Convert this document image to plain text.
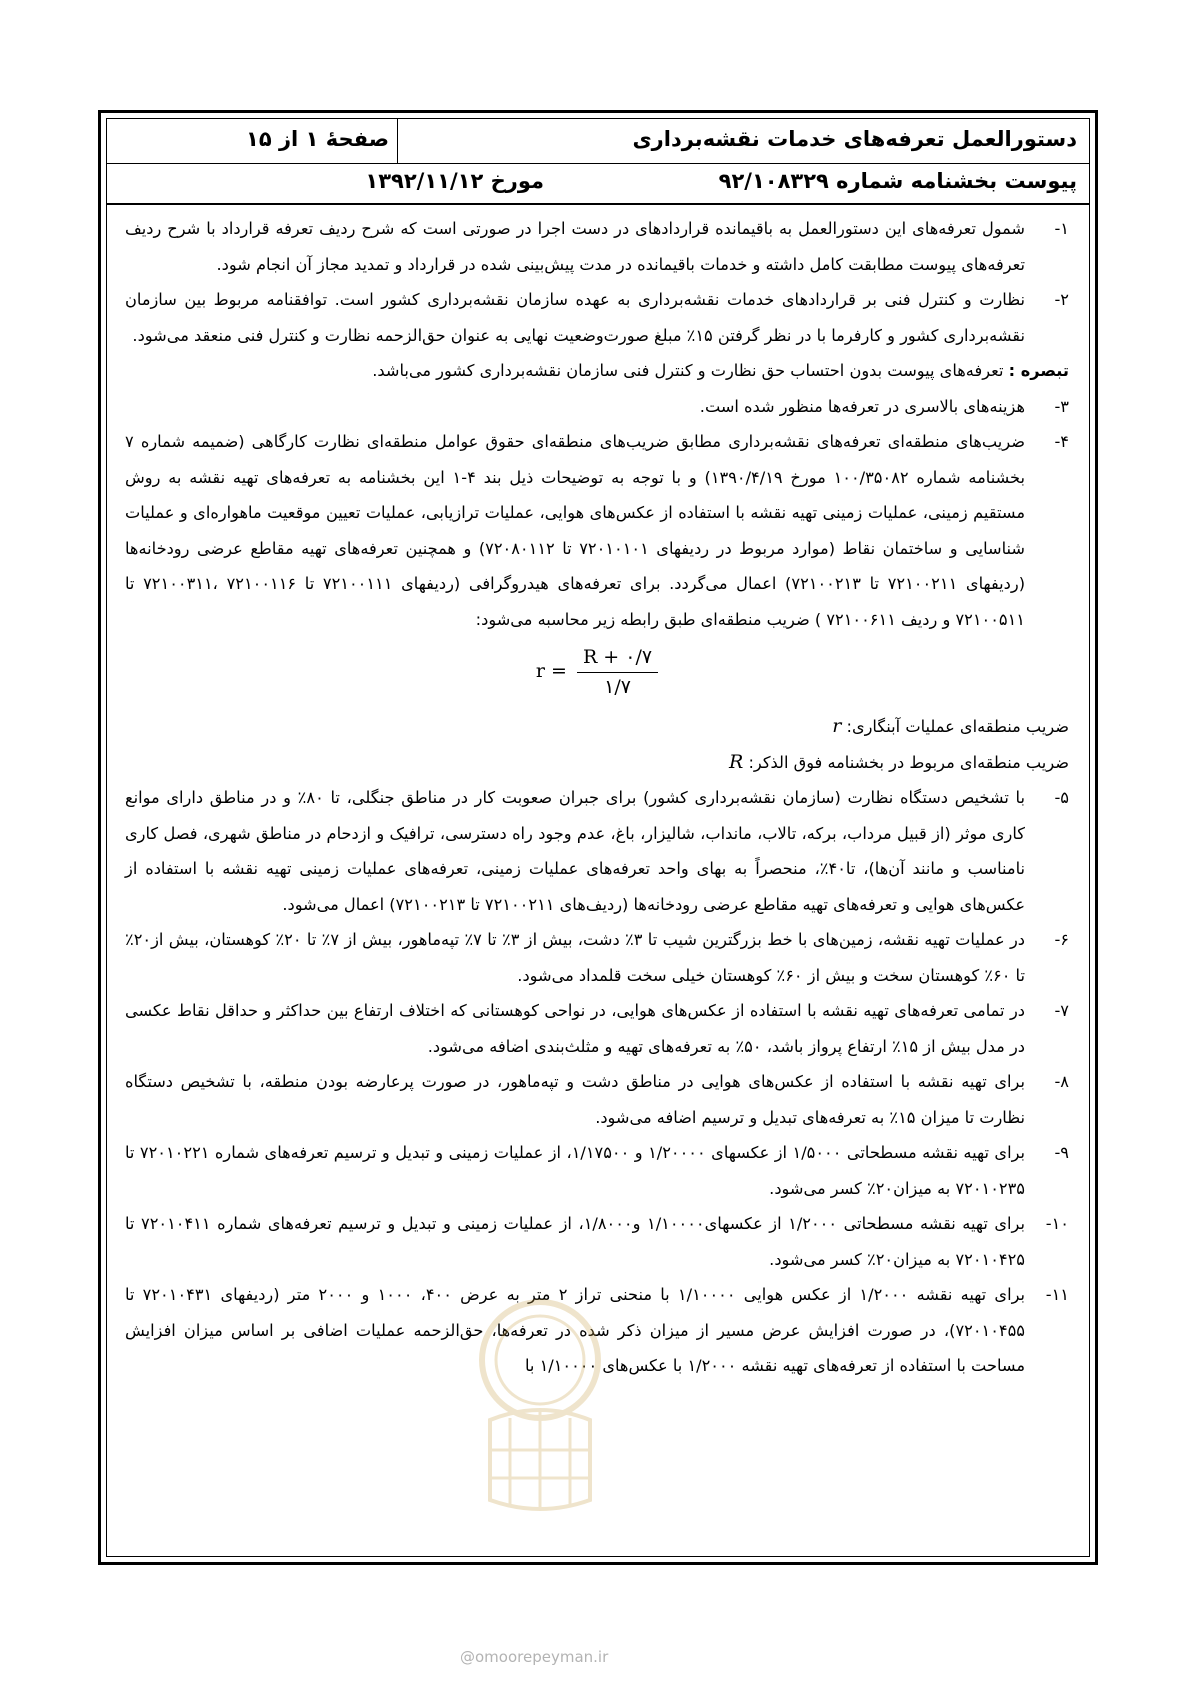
دستورالعمل تعرفه‌های خدمات نقشه‌برداری
صفحهٔ ۱ از ۱۵
پیوست بخشنامه شماره ۹۲/۱۰۸۳۲۹
مورخ ۱۳۹۲/۱۱/۱۲

۱-
شمول تعرفه‌های این دستورالعمل به باقیمانده قراردادهای در دست اجرا در صورتی است که شرح ردیف تعرفه قرارداد با شرح ردیف تعرفه‌های پیوست مطابقت کامل داشته و خدمات باقیمانده در مدت پیش‌بینی شده در قرارداد و تمدید مجاز آن انجام شود.

۲-
نظارت و کنترل فنی بر قراردادهای خدمات نقشه‌برداری به عهده سازمان نقشه‌برداری کشور است. توافقنامه مربوط بین سازمان نقشه‌برداری کشور و کارفرما با در نظر گرفتن ۱۵٪ مبلغ صورت‌وضعیت نهایی به عنوان حق‌الزحمه نظارت و کنترل فنی منعقد می‌شود.

تبصره : تعرفه‌های پیوست بدون احتساب حق نظارت و کنترل فنی سازمان نقشه‌برداری کشور می‌باشد.

۳-
هزینه‌های بالاسری در تعرفه‌ها منظور شده است.

۴-
ضریب‌های منطقه‌ای تعرفه‌های نقشه‌برداری مطابق ضریب‌های منطقه‌ای حقوق عوامل منطقه‌ای نظارت کارگاهی (ضمیمه شماره ۷ بخشنامه شماره ۱۰۰/۳۵۰۸۲ مورخ ۱۳۹۰/۴/۱۹) و با توجه به توضیحات ذیل بند ۴-۱ این بخشنامه به تعرفه‌های تهیه نقشه به روش مستقیم زمینی، عملیات زمینی تهیه نقشه با استفاده از عکس‌های هوایی، عملیات ترازیابی، عملیات تعیین موقعیت ماهواره‌ای و عملیات شناسایی و ساختمان نقاط (موارد مربوط در ردیفهای ۷۲۰۱۰۱۰۱ تا ۷۲۰۸۰۱۱۲) و همچنین تعرفه‌های تهیه مقاطع عرضی رودخانه‌ها (ردیفهای ۷۲۱۰۰۲۱۱ تا ۷۲۱۰۰۲۱۳) اعمال می‌گردد. برای تعرفه‌های هیدروگرافی (ردیفهای ۷۲۱۰۰۱۱۱ تا ۷۲۱۰۰۱۱۶ ،۷۲۱۰۰۳۱۱ تا ۷۲۱۰۰۵۱۱ و ردیف ۷۲۱۰۰۶۱۱ ) ضریب منطقه‌ای طبق رابطه زیر محاسبه می‌شود:

$r = \frac{R + ۰/۷}{۱/۷}$

ضریب منطقه‌ای عملیات آبنگاری: r

ضریب منطقه‌ای مربوط در بخشنامه فوق الذکر: R

۵-
با تشخیص دستگاه نظارت (سازمان نقشه‌برداری کشور) برای جبران صعوبت کار در مناطق جنگلی، تا ۸۰٪ و در مناطق دارای موانع کاری موثر (از قبیل مرداب، برکه، تالاب، مانداب، شالیزار، باغ، عدم وجود راه دسترسی، ترافیک و ازدحام در مناطق شهری، فصل کاری نامناسب و مانند آن‌ها)، تا۴۰٪، منحصراً به بهای واحد تعرفه‌های عملیات زمینی، تعرفه‌های عملیات زمینی تهیه نقشه با استفاده از عکس‌های هوایی و تعرفه‌های تهیه مقاطع عرضی رودخانه‌ها (ردیف‌های ۷۲۱۰۰۲۱۱ تا ۷۲۱۰۰۲۱۳) اعمال می‌شود.

۶-
در عملیات تهیه نقشه، زمین‌های با خط بزرگترین شیب تا ۳٪ دشت، بیش از ۳٪ تا ۷٪ تپه‌ماهور، بیش از ۷٪ تا ۲۰٪ کوهستان، بیش از۲۰٪ تا ۶۰٪ کوهستان سخت و بیش از ۶۰٪ کوهستان خیلی سخت قلمداد می‌شود.

۷-
در تمامی تعرفه‌های تهیه نقشه با استفاده از عکس‌های هوایی، در نواحی کوهستانی که اختلاف ارتفاع بین حداکثر و حداقل نقاط عکسی در مدل بیش از ۱۵٪ ارتفاع پرواز باشد، ۵۰٪ به تعرفه‌های تهیه و مثلث‌بندی اضافه می‌شود.

۸-
برای تهیه نقشه با استفاده از عکس‌های هوایی در مناطق دشت و تپه‌ماهور، در صورت پرعارضه بودن منطقه، با تشخیص دستگاه نظارت تا میزان ۱۵٪ به تعرفه‌های تبدیل و ترسیم اضافه می‌شود.

۹-
برای تهیه نقشه مسطحاتی ۱/۵۰۰۰ از عکسهای ۱/۲۰۰۰۰ و ۱/۱۷۵۰۰، از عملیات زمینی و تبدیل و ترسیم تعرفه‌های شماره ۷۲۰۱۰۲۲۱ تا ۷۲۰۱۰۲۳۵ به میزان۲۰٪ کسر می‌شود.

۱۰-
برای تهیه نقشه مسطحاتی ۱/۲۰۰۰ از عکسهای۱/۱۰۰۰۰ و۱/۸۰۰۰، از عملیات زمینی و تبدیل و ترسیم تعرفه‌های شماره ۷۲۰۱۰۴۱۱ تا ۷۲۰۱۰۴۲۵ به میزان۲۰٪ کسر می‌شود.

۱۱-
برای تهیه نقشه ۱/۲۰۰۰ از عکس هوایی ۱/۱۰۰۰۰ با منحنی تراز ۲ متر به عرض ۴۰۰، ۱۰۰۰ و ۲۰۰۰ متر (ردیفهای ۷۲۰۱۰۴۳۱ تا ۷۲۰۱۰۴۵۵)، در صورت افزایش عرض مسیر از میزان ذکر شده در تعرفه‌ها، حق‌الزحمه عملیات اضافی بر اساس میزان افزایش مساحت با استفاده از تعرفه‌های تهیه نقشه ۱/۲۰۰۰ با عکس‌های ۱/۱۰۰۰۰ با

@omoorepeyman.ir
